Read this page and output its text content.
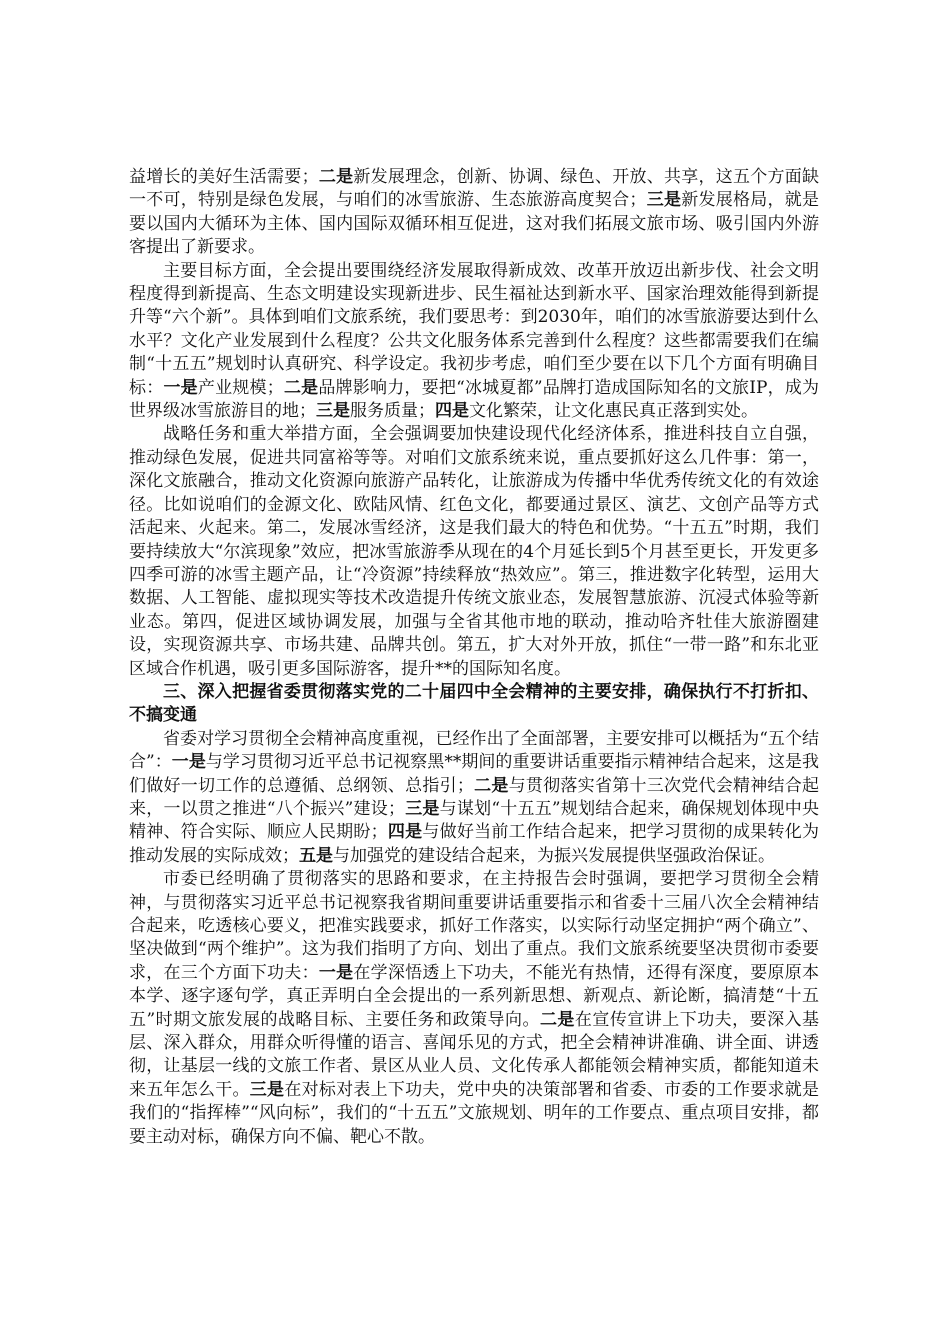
益增长的美好生活需要；二是新发展理念，创新、协调、绿色、开放、共享，这五个方面缺一不可，特别是绿色发展，与咱们的冰雪旅游、生态旅游高度契合；三是新发展格局，就是要以国内大循环为主体、国内国际双循环相互促进，这对我们拓展文旅市场、吸引国内外游客提出了新要求。

主要目标方面，全会提出要围绕经济发展取得新成效、改革开放迈出新步伐、社会文明程度得到新提高、生态文明建设实现新进步、民生福祉达到新水平、国家治理效能得到新提升等“六个新”。具体到咱们文旅系统，我们要思考：到2030年，咱们的冰雪旅游要达到什么水平？文化产业发展到什么程度？公共文化服务体系完善到什么程度？这些都需要我们在编制“十五五”规划时认真研究、科学设定。我初步考虑，咱们至少要在以下几个方面有明确目标：一是产业规模；二是品牌影响力，要把“冰城夏都”品牌打造成国际知名的文旅IP，成为世界级冰雪旅游目的地；三是服务质量；四是文化繁荣，让文化惠民真正落到实处。

战略任务和重大举措方面，全会强调要加快建设现代化经济体系，推进科技自立自强，推动绿色发展，促进共同富裕等等。对咱们文旅系统来说，重点要抓好这么几件事：第一，深化文旅融合，推动文化资源向旅游产品转化，让旅游成为传播中华优秀传统文化的有效途径。比如说咱们的金源文化、欧陆风情、红色文化，都要通过景区、演艺、文创产品等方式活起来、火起来。第二，发展冰雪经济，这是我们最大的特色和优势。“十五五”时期，我们要持续放大“尔滨现象”效应，把冰雪旅游季从现在的4个月延长到5个月甚至更长，开发更多四季可游的冰雪主题产品，让“冷资源”持续释放“热效应”。第三，推进数字化转型，运用大数据、人工智能、虚拟现实等技术改造提升传统文旅业态，发展智慧旅游、沉浸式体验等新业态。第四，促进区域协调发展，加强与全省其他市地的联动，推动哈齐牡佳大旅游圈建设，实现资源共享、市场共建、品牌共创。第五，扩大对外开放，抓住“一带一路”和东北亚区域合作机遇，吸引更多国际游客，提升**的国际知名度。

三、深入把握省委贯彻落实党的二十届四中全会精神的主要安排，确保执行不打折扣、不搞变通

省委对学习贯彻全会精神高度重视，已经作出了全面部署，主要安排可以概括为“五个结合”：一是与学习贯彻习近平总书记视察黑**期间的重要讲话重要指示精神结合起来，这是我们做好一切工作的总遵循、总纲领、总指引；二是与贯彻落实省第十三次党代会精神结合起来，一以贯之推进“八个振兴”建设；三是与谋划“十五五”规划结合起来，确保规划体现中央精神、符合实际、顺应人民期盼；四是与做好当前工作结合起来，把学习贯彻的成果转化为推动发展的实际成效；五是与加强党的建设结合起来，为振兴发展提供坚强政治保证。

市委已经明确了贯彻落实的思路和要求，在主持报告会时强调，要把学习贯彻全会精神，与贯彻落实习近平总书记视察我省期间重要讲话重要指示和省委十三届八次全会精神结合起来，吃透核心要义，把准实践要求，抓好工作落实，以实际行动坚定拥护“两个确立”、坚决做到“两个维护”。这为我们指明了方向、划出了重点。我们文旅系统要坚决贯彻市委要求，在三个方面下功夫：一是在学深悟透上下功夫，不能光有热情，还得有深度，要原原本本学、逐字逐句学，真正弄明白全会提出的一系列新思想、新观点、新论断，搞清楚“十五五”时期文旅发展的战略目标、主要任务和政策导向。二是在宣传宣讲上下功夫，要深入基层、深入群众，用群众听得懂的语言、喜闻乐见的方式，把全会精神讲准确、讲全面、讲透彻，让基层一线的文旅工作者、景区从业人员、文化传承人都能领会精神实质，都能知道未来五年怎么干。三是在对标对表上下功夫，党中央的决策部署和省委、市委的工作要求就是我们的“指挥棒”“风向标”，我们的“十五五”文旅规划、明年的工作要点、重点项目安排，都要主动对标，确保方向不偏、靶心不散。
